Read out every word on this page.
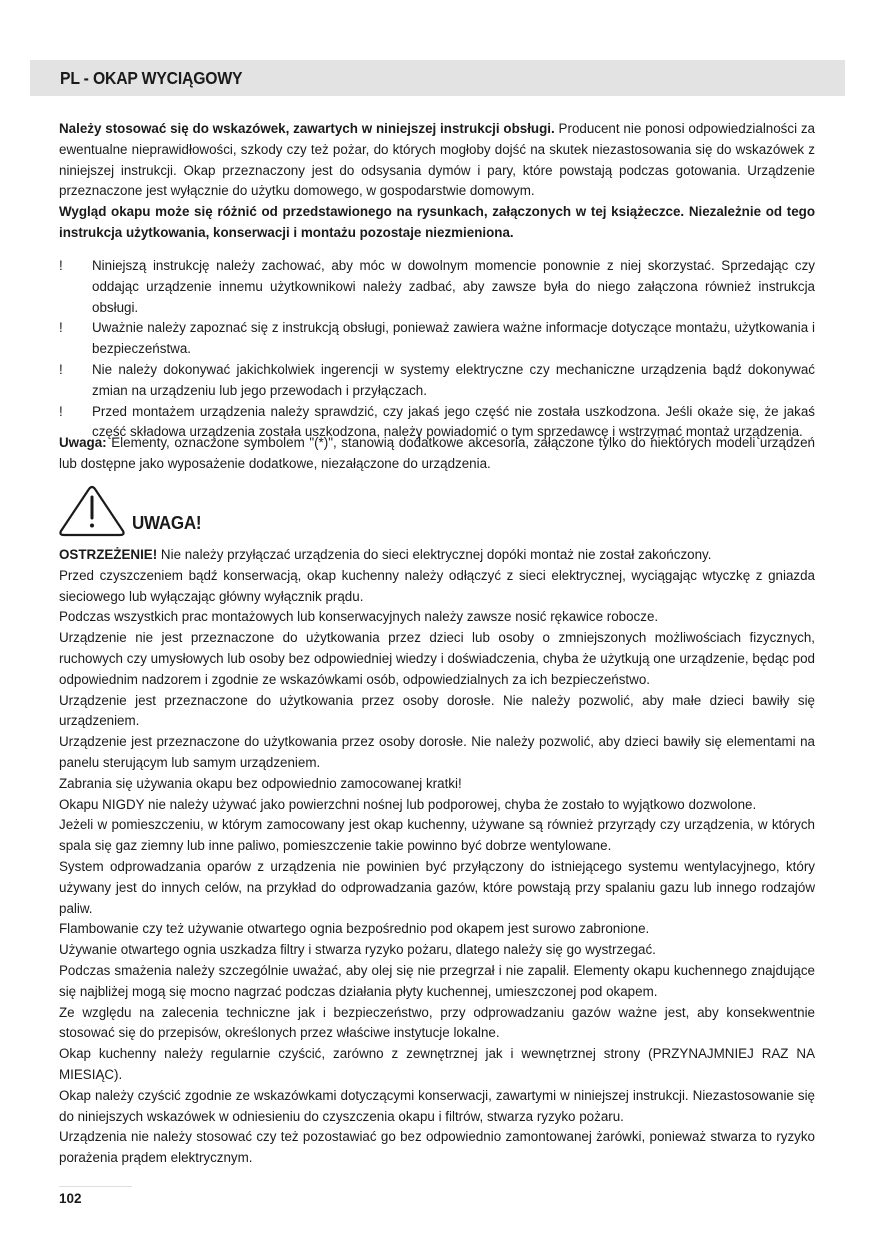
PL - OKAP WYCIĄGOWY

Należy stosować się do wskazówek, zawartych w niniejszej instrukcji obsługi. Producent nie ponosi odpowiedzialności za ewentualne nieprawidłowości, szkody czy też pożar, do których mogłoby dojść na skutek niezastosowania się do wskazówek z niniejszej instrukcji. Okap przeznaczony jest do odsysania dymów i pary, które powstają podczas gotowania. Urządzenie przeznaczone jest wyłącznie do użytku domowego, w gospodarstwie domowym.

Wygląd okapu może się różnić od przedstawionego na rysunkach, załączonych w tej książeczce. Niezależnie od tego instrukcja użytkowania, konserwacji i montażu pozostaje niezmieniona.

!	Niniejszą instrukcję należy zachować, aby móc w dowolnym momencie ponownie z niej skorzystać. Sprzedając czy oddając urządzenie innemu użytkownikowi należy zadbać, aby zawsze była do niego załączona również instrukcja obsługi.
!	Uważnie należy zapoznać się z instrukcją obsługi, ponieważ zawiera ważne informacje dotyczące montażu, użytkowania i bezpieczeństwa.
!	Nie należy dokonywać jakichkolwiek ingerencji w systemy elektryczne czy mechaniczne urządzenia bądź dokonywać zmian na urządzeniu lub jego przewodach i przyłączach.
!	Przed montażem urządzenia należy sprawdzić, czy jakaś jego część nie została uszkodzona. Jeśli okaże się, że jakaś część składowa urządzenia została uszkodzona, należy powiadomić o tym sprzedawcę i wstrzymać montaż urządzenia.

Uwaga: Elementy, oznaczone symbolem "(*)", stanowią dodatkowe akcesoria, załączone tylko do niektórych modeli urządzeń lub dostępne jako wyposażenie dodatkowe, niezałączone do urządzenia.

UWAGA!

OSTRZEŻENIE! Nie należy przyłączać urządzenia do sieci elektrycznej dopóki montaż nie został zakończony.

Przed czyszczeniem bądź konserwacją, okap kuchenny należy odłączyć z sieci elektrycznej, wyciągając wtyczkę z gniazda sieciowego lub wyłączając główny wyłącznik prądu.

Podczas wszystkich prac montażowych lub konserwacyjnych należy zawsze nosić rękawice robocze.

Urządzenie nie jest przeznaczone do użytkowania przez dzieci lub osoby o zmniejszonych możliwościach fizycznych, ruchowych czy umysłowych lub osoby bez odpowiedniej wiedzy i doświadczenia, chyba że użytkują one urządzenie, będąc pod odpowiednim nadzorem i zgodnie ze wskazówkami osób, odpowiedzialnych za ich bezpieczeństwo.

Urządzenie jest przeznaczone do użytkowania przez osoby dorosłe. Nie należy pozwolić, aby małe dzieci bawiły się urządzeniem.

Urządzenie jest przeznaczone do użytkowania przez osoby dorosłe. Nie należy pozwolić, aby dzieci bawiły się elementami na panelu sterującym lub samym urządzeniem.

Zabrania się używania okapu bez odpowiednio zamocowanej kratki!

Okapu NIGDY nie należy używać jako powierzchni nośnej lub podporowej, chyba że zostało to wyjątkowo dozwolone.

Jeżeli w pomieszczeniu, w którym zamocowany jest okap kuchenny, używane są również przyrządy czy urządzenia, w których spala się gaz ziemny lub inne paliwo, pomieszczenie takie powinno być dobrze wentylowane.

System odprowadzania oparów z urządzenia nie powinien być przyłączony do istniejącego systemu wentylacyjnego, który używany jest do innych celów, na przykład do odprowadzania gazów, które powstają przy spalaniu gazu lub innego rodzajów paliw.

Flambowanie czy też używanie otwartego ognia bezpośrednio pod okapem jest surowo zabronione.

Używanie otwartego ognia uszkadza filtry i stwarza ryzyko pożaru, dlatego należy się go wystrzegać.

Podczas smażenia należy szczególnie uważać, aby olej się nie przegrzał i nie zapalił. Elementy okapu kuchennego znajdujące się najbliżej mogą się mocno nagrzać podczas działania płyty kuchennej, umieszczonej pod okapem.

Ze względu na zalecenia techniczne jak i bezpieczeństwo, przy odprowadzaniu gazów ważne jest, aby konsekwentnie stosować się do przepisów, określonych przez właściwe instytucje lokalne.

Okap kuchenny należy regularnie czyścić, zarówno z zewnętrznej jak i wewnętrznej strony (PRZYNAJMNIEJ RAZ NA MIESIĄC).

Okap należy czyścić zgodnie ze wskazówkami dotyczącymi konserwacji, zawartymi w niniejszej instrukcji. Niezastosowanie się do niniejszych wskazówek w odniesieniu do czyszczenia okapu i filtrów, stwarza ryzyko pożaru.

Urządzenia nie należy stosować czy też pozostawiać go bez odpowiednio zamontowanej żarówki, ponieważ stwarza to ryzyko porażenia prądem elektrycznym.

102
